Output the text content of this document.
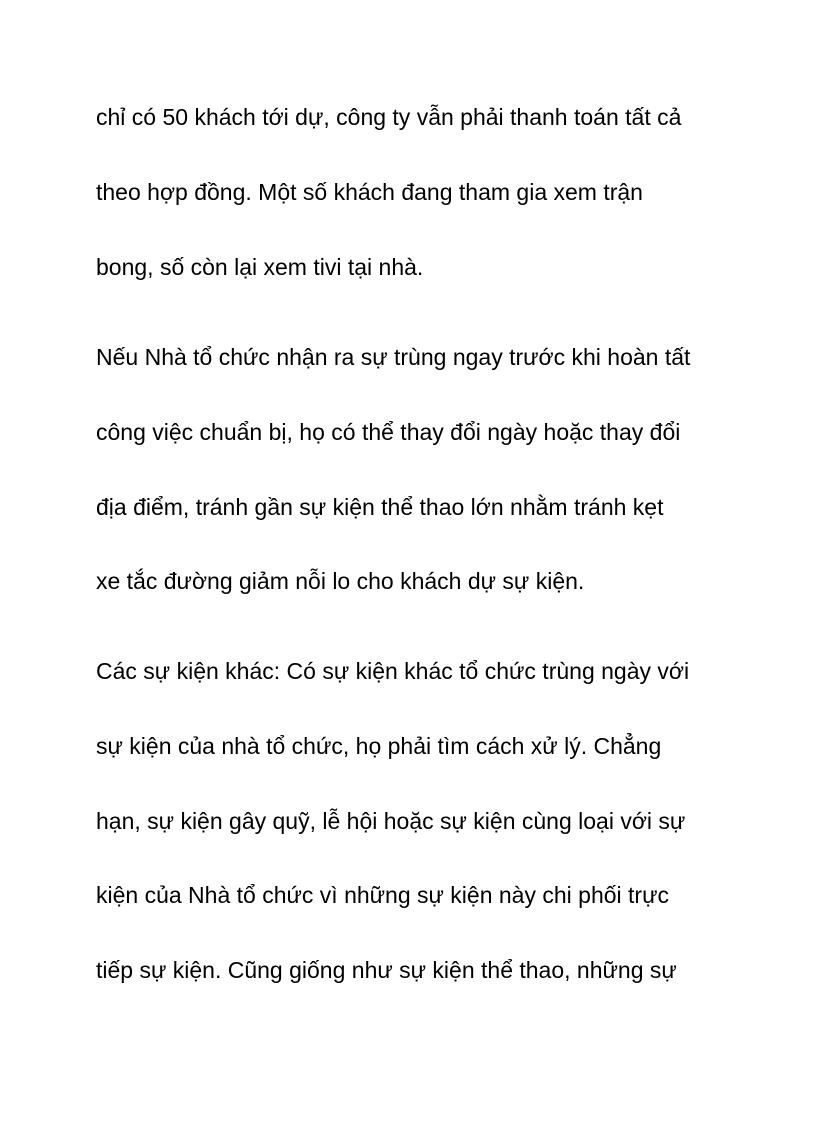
chỉ có 50 khách tới dự, công ty vẫn phải thanh toán tất cả
theo hợp đồng. Một số khách đang tham gia xem trận
bong, số còn lại xem tivi tại nhà.
Nếu Nhà tổ chức nhận ra sự trùng ngay trước khi hoàn tất
công việc chuẩn bị, họ có thể thay đổi ngày hoặc thay đổi
địa điểm, tránh gần sự kiện thể thao lớn nhằm tránh kẹt
xe tắc đường giảm nỗi lo cho khách dự sự kiện.
Các sự kiện khác: Có sự kiện khác tổ chức trùng ngày với
sự kiện của nhà tổ chức, họ phải tìm cách xử lý. Chẳng
hạn, sự kiện gây quỹ, lễ hội hoặc sự kiện cùng loại với sự
kiện của Nhà tổ chức vì những sự kiện này chi phối trực
tiếp sự kiện. Cũng giống như sự kiện thể thao, những sự
